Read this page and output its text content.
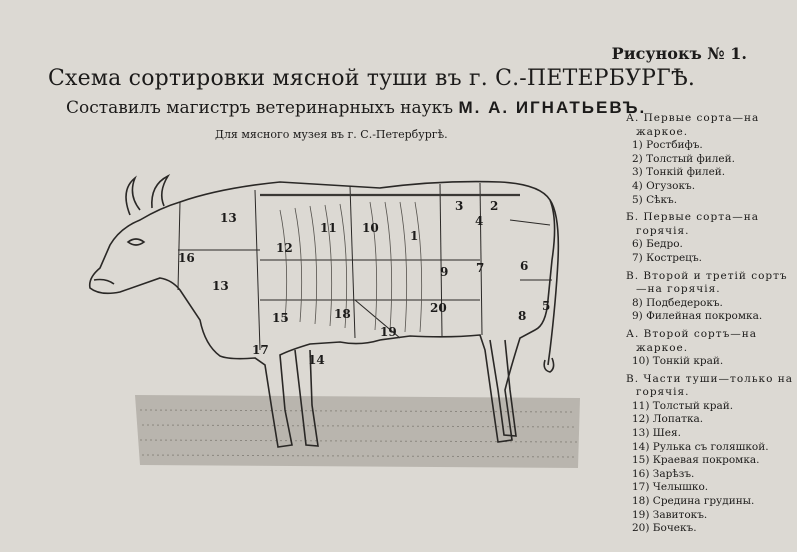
Рисунокъ № 1.
Схема сортировки мясной туши въ г. С.-ПЕТЕРБУРГѢ.
Составилъ магистръ ветеринарныхъ наукъ М. А. ИГНАТЬЕВЪ.
Для мясного музея въ г. С.-Петербургѣ.
1
2
3
4
5
6
7
8
9
10
11
12
13
13
14
15
16
17
18
19
20
А. Первые сорта—на жаркое.
1) Ростбифъ.
2) Толстый филей.
3) Тонкій филей.
4) Огузокъ.
5) Сѣкъ.
Б. Первые сорта—на горячія.
6) Бедро.
7) Кострецъ.
В. Второй и третій сортъ—на горячія.
8) Подбедерокъ.
9) Филейная покромка.
А. Второй сортъ—на жаркое.
10) Тонкій край.
В. Части туши—только на горячія.
11) Толстый край.
12) Лопатка.
13) Шея.
14) Рулька съ голяшкой.
15) Краевая покромка.
16) Зарѣзъ.
17) Челышко.
18) Средина грудины.
19) Завитокъ.
20) Бочекъ.
